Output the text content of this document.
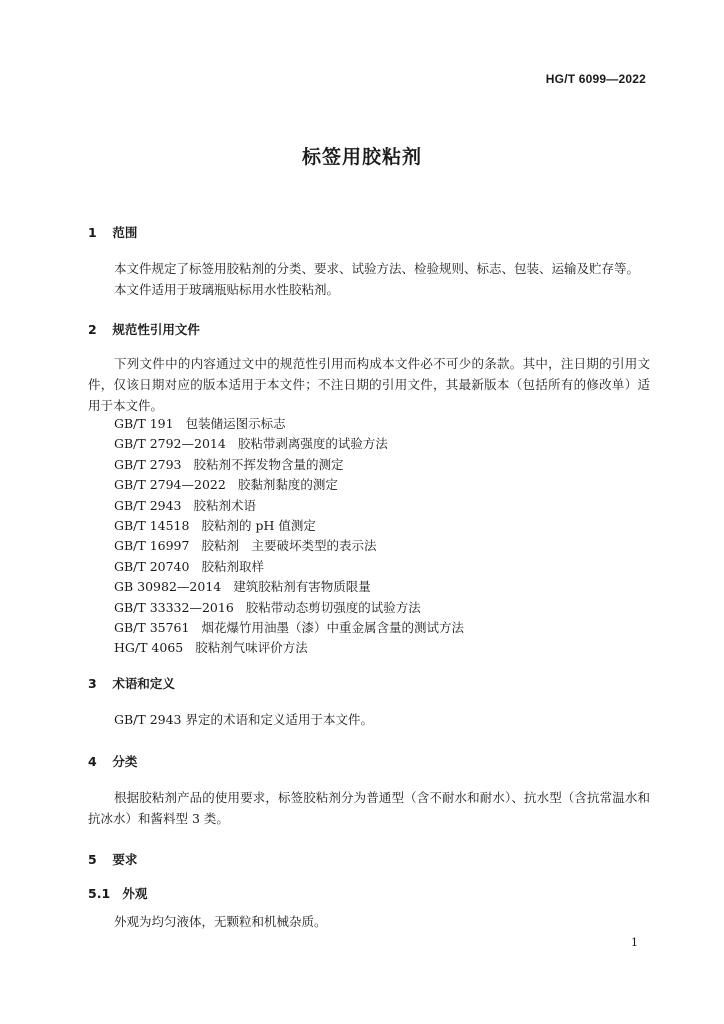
HG/T 6099—2022
标签用胶粘剂
1 范围
本文件规定了标签用胶粘剂的分类、要求、试验方法、检验规则、标志、包装、运输及贮存等。
本文件适用于玻璃瓶贴标用水性胶粘剂。
2 规范性引用文件
下列文件中的内容通过文中的规范性引用而构成本文件必不可少的条款。其中，注日期的引用文件，仅该日期对应的版本适用于本文件；不注日期的引用文件，其最新版本（包括所有的修改单）适用于本文件。
GB/T 191 包装储运图示标志
GB/T 2792—2014 胶粘带剥离强度的试验方法
GB/T 2793 胶粘剂不挥发物含量的测定
GB/T 2794—2022 胶黏剂黏度的测定
GB/T 2943 胶粘剂术语
GB/T 14518 胶粘剂的 pH 值测定
GB/T 16997 胶粘剂　主要破坏类型的表示法
GB/T 20740 胶粘剂取样
GB 30982—2014 建筑胶粘剂有害物质限量
GB/T 33332—2016 胶粘带动态剪切强度的试验方法
GB/T 35761 烟花爆竹用油墨（漆）中重金属含量的测试方法
HG/T 4065 胶粘剂气味评价方法
3 术语和定义
GB/T 2943 界定的术语和定义适用于本文件。
4 分类
根据胶粘剂产品的使用要求，标签胶粘剂分为普通型（含不耐水和耐水）、抗水型（含抗常温水和抗冰水）和酱料型 3 类。
5 要求
5.1 外观
外观为均匀液体，无颗粒和机械杂质。
1
